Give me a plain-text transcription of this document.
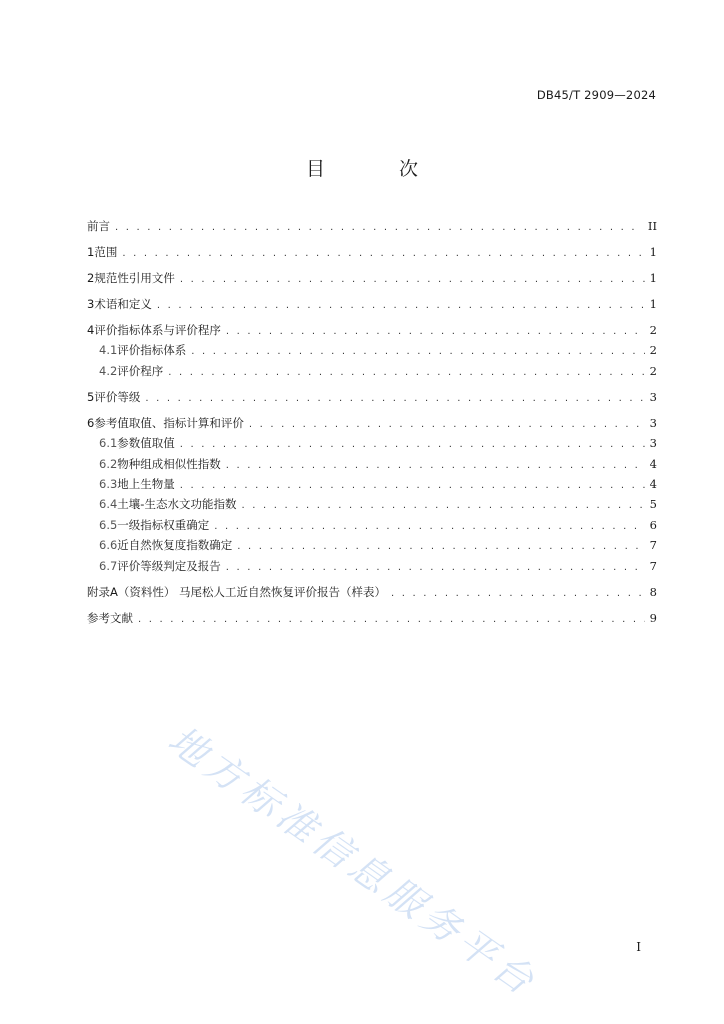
DB45/T 2909—2024
目 次
前言 . . .	II
1 范围 . . .	1
2 规范性引用文件 . . .	1
3 术语和定义 . . .	1
4 评价指标体系与评价程序 . . .	2
4.1 评价指标体系 . . .	2
4.2 评价程序 . . .	2
5 评价等级 . . .	3
6 参考值取值、指标计算和评价 . . .	3
6.1 参数值取值 . . .	3
6.2 物种组成相似性指数 . . .	4
6.3 地上生物量 . . .	4
6.4 土壤-生态水文功能指数 . . .	5
6.5 一级指标权重确定 . . .	6
6.6 近自然恢复度指数确定 . . .	7
6.7 评价等级判定及报告 . . .	7
附录A（资料性） 马尾松人工近自然恢复评价报告（样表） . . .	8
参考文献 . . .	9
地方标准信息服务平台	I
